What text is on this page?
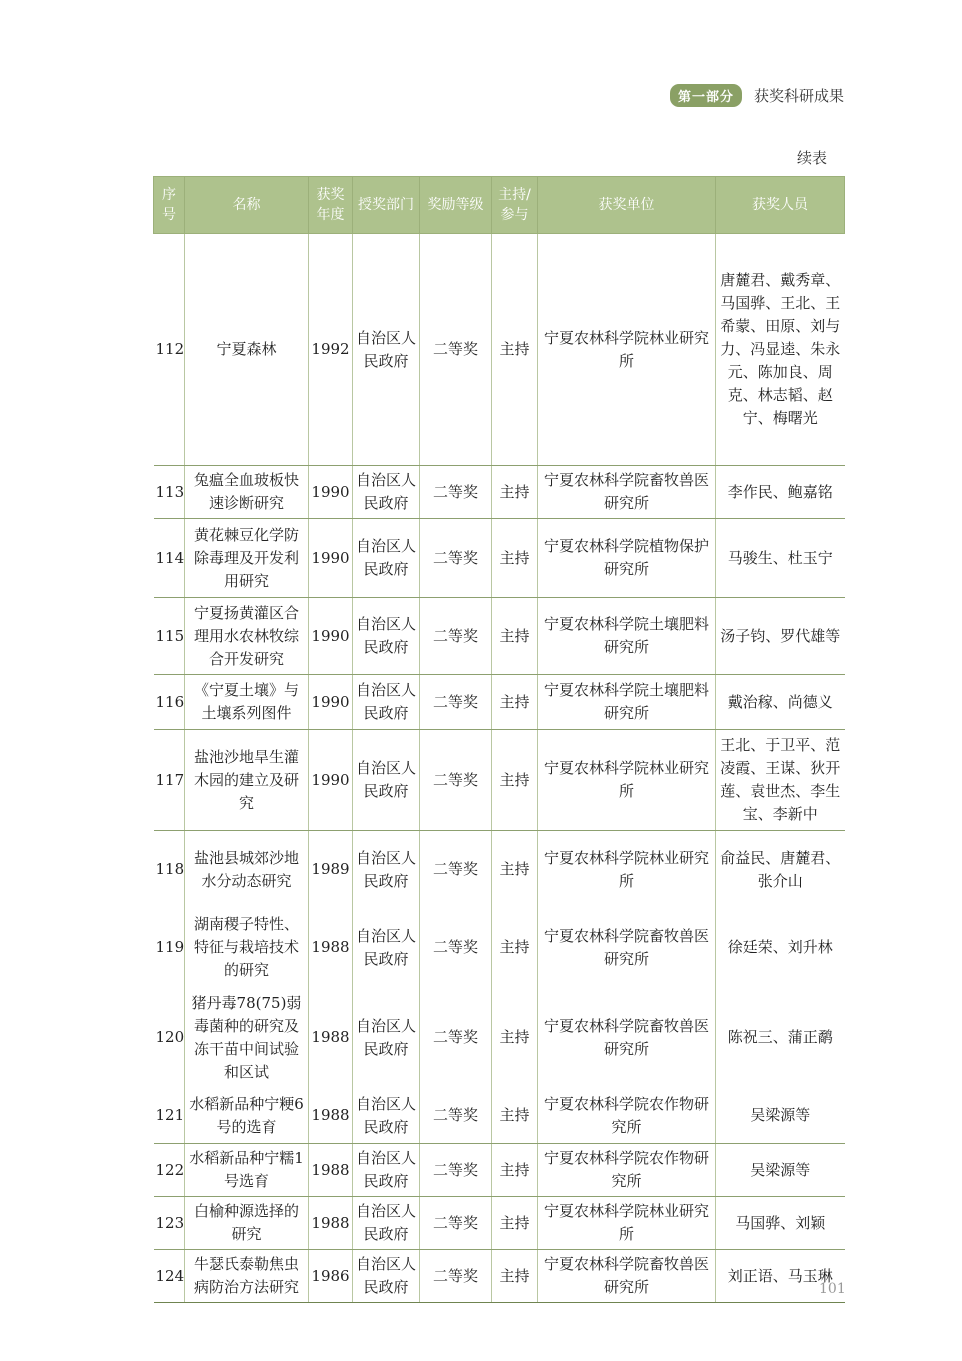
第一部分	获奖科研成果
续表
序号	名称	获奖年度	授奖部门	奖励等级	主持/参与	获奖单位	获奖人员
112	宁夏森林	1992	自治区人民政府	二等奖	主持	宁夏农林科学院林业研究所	唐麓君、戴秀章、马国骅、王北、王希蒙、田原、刘与力、冯显逵、朱永元、陈加良、周克、林志韬、赵宁、梅曙光
113	兔瘟全血玻板快速诊断研究	1990	自治区人民政府	二等奖	主持	宁夏农林科学院畜牧兽医研究所	李作民、鲍嘉铭
114	黄花棘豆化学防除毒理及开发利用研究	1990	自治区人民政府	二等奖	主持	宁夏农林科学院植物保护研究所	马骏生、杜玉宁
115	宁夏扬黄灌区合理用水农林牧综合开发研究	1990	自治区人民政府	二等奖	主持	宁夏农林科学院土壤肥料研究所	汤子钧、罗代雄等
116	《宁夏土壤》与土壤系列图件	1990	自治区人民政府	二等奖	主持	宁夏农林科学院土壤肥料研究所	戴治稼、尚德义
117	盐池沙地旱生灌木园的建立及研究	1990	自治区人民政府	二等奖	主持	宁夏农林科学院林业研究所	王北、于卫平、范凌霞、王谋、狄开莲、袁世杰、李生宝、李新中
118	盐池县城郊沙地水分动态研究	1989	自治区人民政府	二等奖	主持	宁夏农林科学院林业研究所	俞益民、唐麓君、张介山
119	湖南稷子特性、特征与栽培技术的研究	1988	自治区人民政府	二等奖	主持	宁夏农林科学院畜牧兽医研究所	徐廷荣、刘升林
120	猪丹毒78(75)弱毒菌种的研究及冻干苗中间试验和区试	1988	自治区人民政府	二等奖	主持	宁夏农林科学院畜牧兽医研究所	陈祝三、蒲正鹬
121	水稻新品种宁粳6号的选育	1988	自治区人民政府	二等奖	主持	宁夏农林科学院农作物研究所	吴梁源等
122	水稻新品种宁糯1号选育	1988	自治区人民政府	二等奖	主持	宁夏农林科学院农作物研究所	吴梁源等
123	白榆种源选择的研究	1988	自治区人民政府	二等奖	主持	宁夏农林科学院林业研究所	马国骅、刘颖
124	牛瑟氏泰勒焦虫病防治方法研究	1986	自治区人民政府	二等奖	主持	宁夏农林科学院畜牧兽医研究所	刘正语、马玉琳
101
